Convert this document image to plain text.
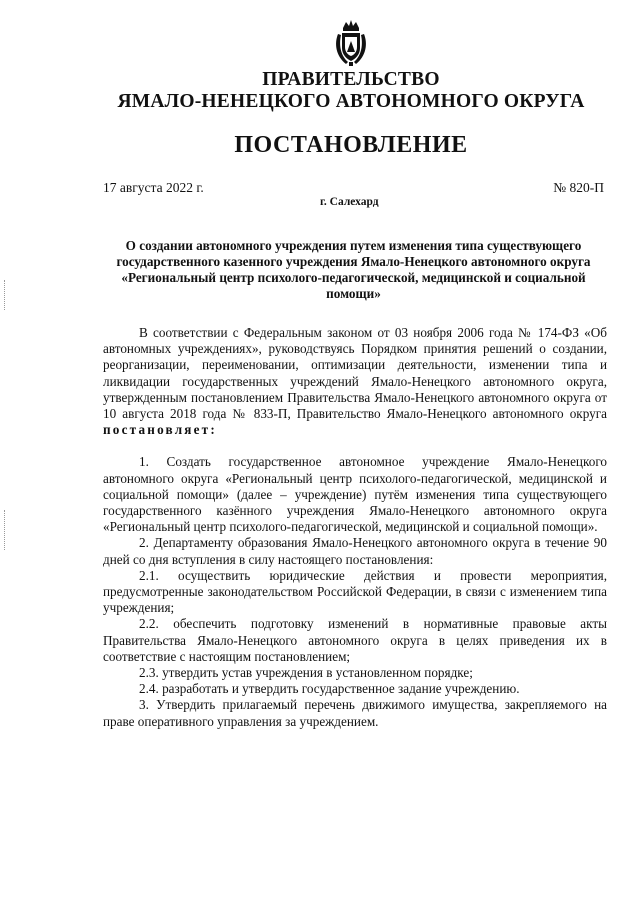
ПРАВИТЕЛЬСТВО
ЯМАЛО-НЕНЕЦКОГО АВТОНОМНОГО ОКРУГА
ПОСТАНОВЛЕНИЕ
17 августа 2022 г.	№ 820-П
г. Салехард
О создании автономного учреждения путем изменения типа существующего государственного казенного учреждения Ямало-Ненецкого автономного округа «Региональный центр психолого-педагогической, медицинской и социальной помощи»

В соответствии с Федеральным законом от 03 ноября 2006 года № 174-ФЗ «Об автономных учреждениях», руководствуясь Порядком принятия решений о создании, реорганизации, переименовании, оптимизации деятельности, изменении типа и ликвидации государственных учреждений Ямало-Ненецкого автономного округа, утвержденным постановлением Правительства Ямало-Ненецкого автономного округа от 10 августа 2018 года № 833-П, Правительство Ямало-Ненецкого автономного округа постановляет:

1. Создать государственное автономное учреждение Ямало-Ненецкого автономного округа «Региональный центр психолого-педагогической, медицинской и социальной помощи» (далее – учреждение) путём изменения типа существующего государственного казённого учреждения Ямало-Ненецкого автономного округа «Региональный центр психолого-педагогической, медицинской и социальной помощи».

2. Департаменту образования Ямало-Ненецкого автономного округа в течение 90 дней со дня вступления в силу настоящего постановления:

2.1. осуществить юридические действия и провести мероприятия, предусмотренные законодательством Российской Федерации, в связи с изменением типа учреждения;

2.2. обеспечить подготовку изменений в нормативные правовые акты Правительства Ямало-Ненецкого автономного округа в целях приведения их в соответствие с настоящим постановлением;

2.3. утвердить устав учреждения в установленном порядке;

2.4. разработать и утвердить государственное задание учреждению.

3. Утвердить прилагаемый перечень движимого имущества, закрепляемого на праве оперативного управления за учреждением.
